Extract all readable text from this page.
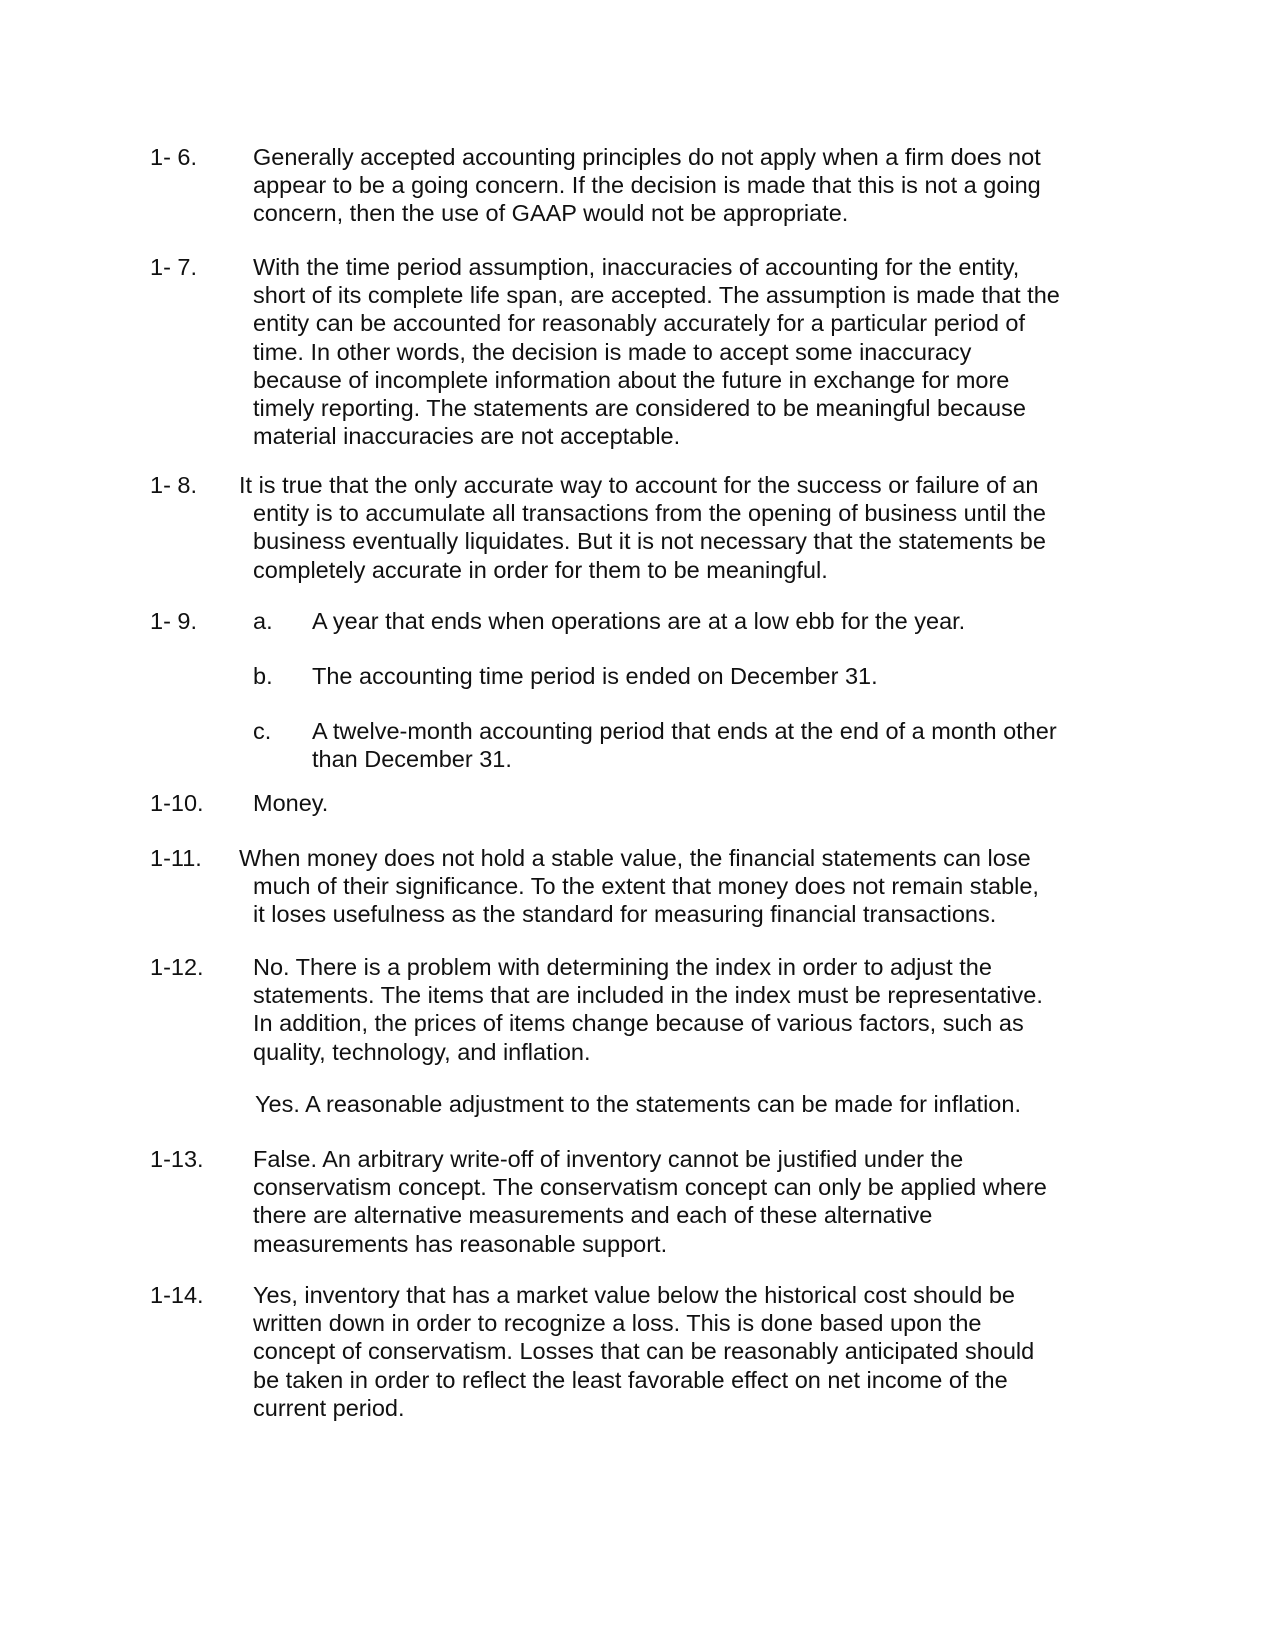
1- 6. Generally accepted accounting principles do not apply when a firm does not
appear to be a going concern. If the decision is made that this is not a going
concern, then the use of GAAP would not be appropriate.
1- 7. With the time period assumption, inaccuracies of accounting for the entity,
short of its complete life span, are accepted. The assumption is made that the
entity can be accounted for reasonably accurately for a particular period of
time. In other words, the decision is made to accept some inaccuracy
because of incomplete information about the future in exchange for more
timely reporting. The statements are considered to be meaningful because
material inaccuracies are not acceptable.
1- 8. It is true that the only accurate way to account for the success or failure of an
entity is to accumulate all transactions from the opening of business until the
business eventually liquidates. But it is not necessary that the statements be
completely accurate in order for them to be meaningful.
1- 9. a. A year that ends when operations are at a low ebb for the year.
b. The accounting time period is ended on December 31.
c. A twelve-month accounting period that ends at the end of a month other
than December 31.
1-10. Money.
1-11. When money does not hold a stable value, the financial statements can lose
much of their significance. To the extent that money does not remain stable,
it loses usefulness as the standard for measuring financial transactions.
1-12. No. There is a problem with determining the index in order to adjust the
statements. The items that are included in the index must be representative.
In addition, the prices of items change because of various factors, such as
quality, technology, and inflation.
Yes. A reasonable adjustment to the statements can be made for inflation.
1-13. False. An arbitrary write-off of inventory cannot be justified under the
conservatism concept. The conservatism concept can only be applied where
there are alternative measurements and each of these alternative
measurements has reasonable support.
1-14. Yes, inventory that has a market value below the historical cost should be
written down in order to recognize a loss. This is done based upon the
concept of conservatism. Losses that can be reasonably anticipated should
be taken in order to reflect the least favorable effect on net income of the
current period.
